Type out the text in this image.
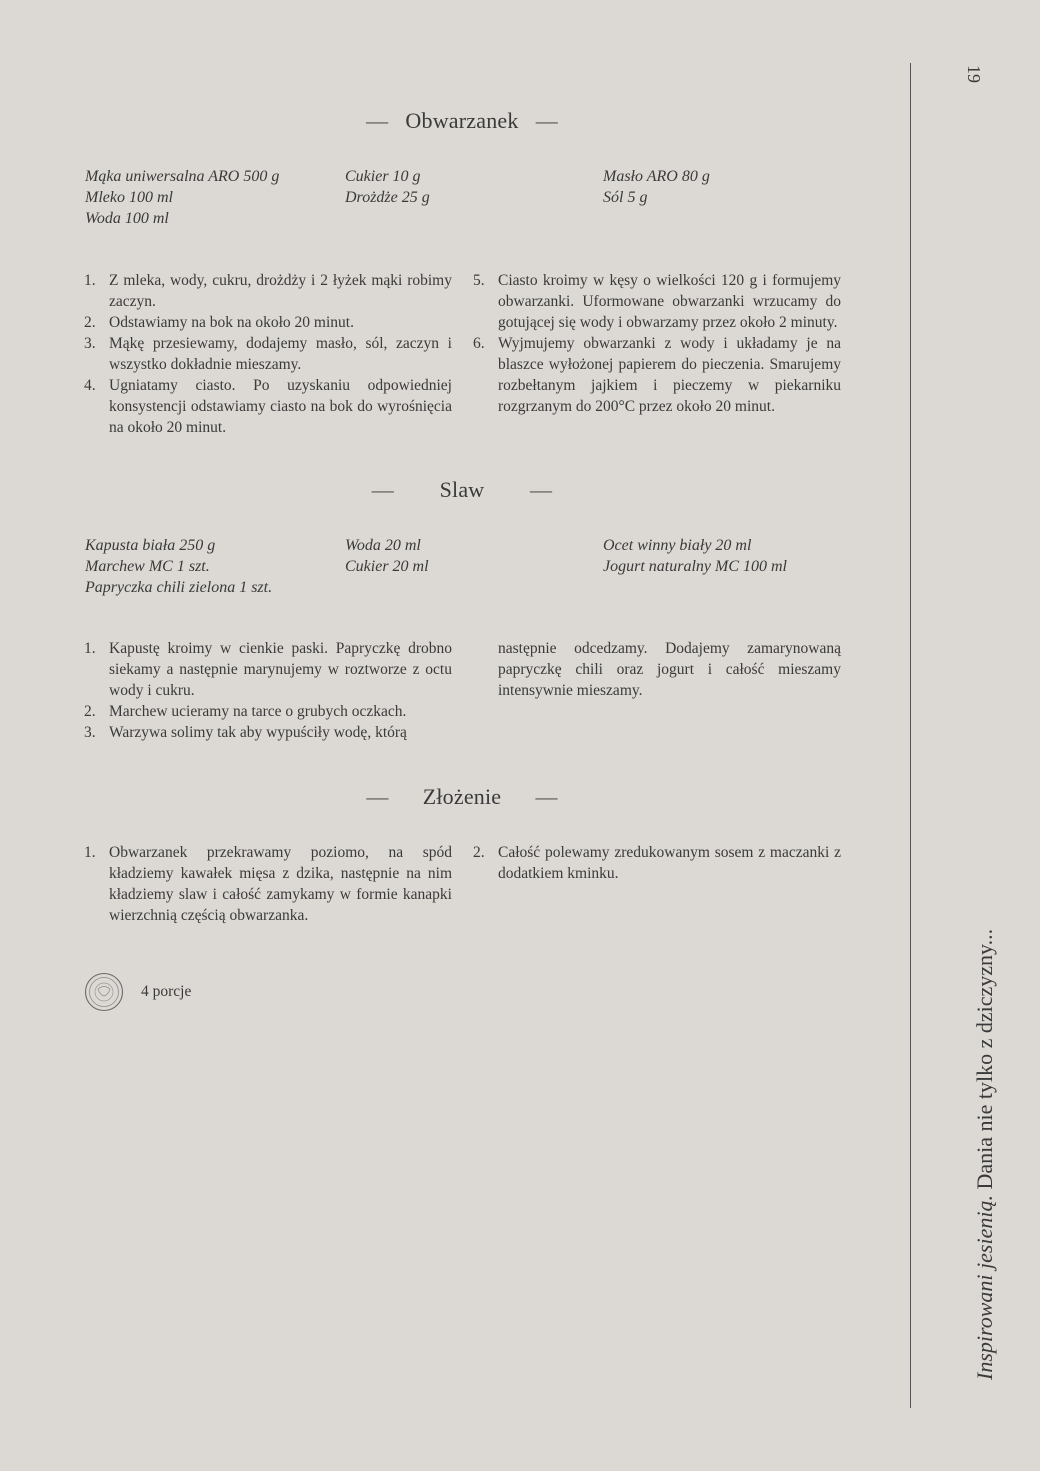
19
Inspirowani jesienią. Dania nie tylko z dziczyzny...
— Obwarzanek —
Mąka uniwersalna ARO 500 g
Mleko 100 ml
Woda 100 ml
Cukier 10 g
Drożdże 25 g
Masło ARO 80 g
Sól 5 g
1. Z mleka, wody, cukru, drożdży i 2 łyżek mąki robimy zaczyn.
2. Odstawiamy na bok na około 20 minut.
3. Mąkę przesiewamy, dodajemy masło, sól, zaczyn i wszystko dokładnie mieszamy.
4. Ugniatamy ciasto. Po uzyskaniu odpowiedniej konsystencji odstawiamy ciasto na bok do wyrośnięcia na około 20 minut.
5. Ciasto kroimy w kęsy o wielkości 120 g i formujemy obwarzanki. Uformowane obwarzanki wrzucamy do gotującej się wody i obwarzamy przez około 2 minuty.
6. Wyjmujemy obwarzanki z wody i układamy je na blaszce wyłożonej papierem do pieczenia. Smarujemy rozbełtanym jajkiem i pieczemy w piekarniku rozgrzanym do 200°C przez około 20 minut.
— Slaw —
Kapusta biała 250 g
Marchew MC 1 szt.
Papryczka chili zielona 1 szt.
Woda 20 ml
Cukier 20 ml
Ocet winny biały 20 ml
Jogurt naturalny MC 100 ml
1. Kapustę kroimy w cienkie paski. Papryczkę drobno siekamy a następnie marynujemy w roztworze z octu wody i cukru.
2. Marchew ucieramy na tarce o grubych oczkach.
3. Warzywa solimy tak aby wypuściły wodę, którą
następnie odcedzamy. Dodajemy zamarynowaną papryczkę chili oraz jogurt i całość mieszamy intensywnie mieszamy.
— Złożenie —
1. Obwarzanek przekrawamy poziomo, na spód kładziemy kawałek mięsa z dzika, następnie na nim kładziemy slaw i całość zamykamy w formie kanapki wierzchnią częścią obwarzanka.
2. Całość polewamy zredukowanym sosem z maczanki z dodatkiem kminku.
4 porcje
